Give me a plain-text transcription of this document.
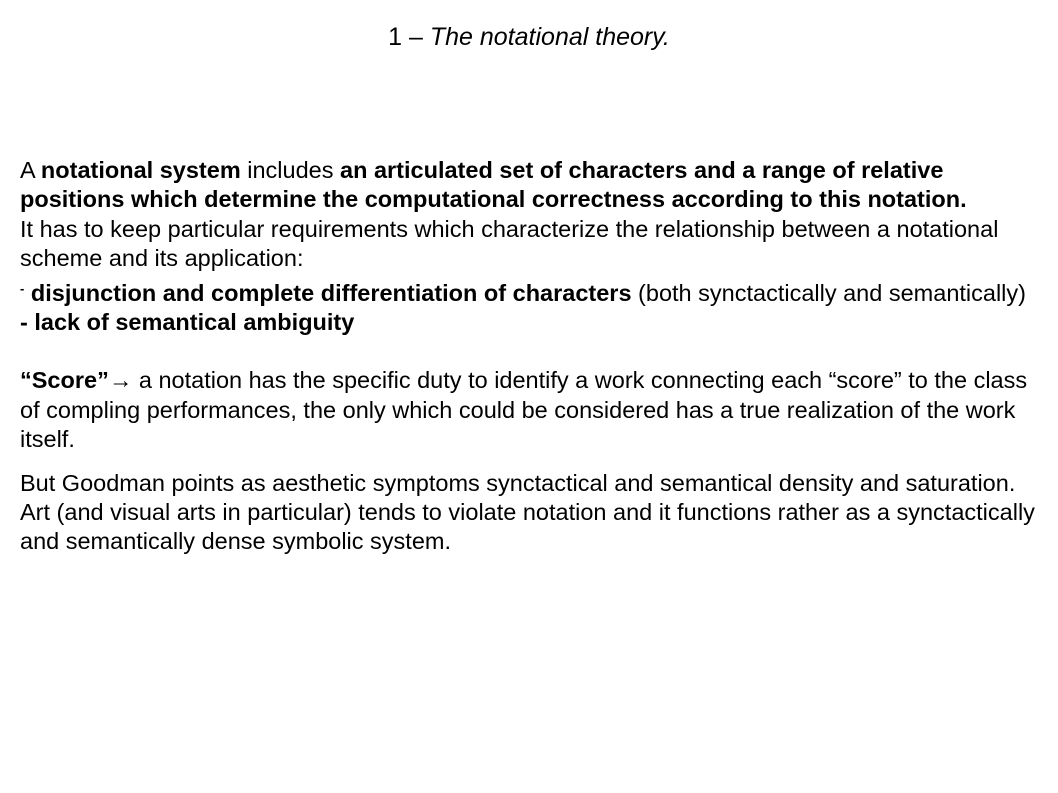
1 – The notational theory.

A notational system includes an articulated set of characters and a range of relative positions which determine the computational correctness according to this notation.

It has to keep particular requirements which characterize the relationship between a notational scheme and its application:

- disjunction and complete differentiation of characters (both synctactically and semantically)

- lack of semantical ambiguity

“Score”→ a notation has the specific duty to identify a work connecting each “score” to the class of compling performances, the only which could be considered has a true realization of the work itself.

But Goodman points as aesthetic symptoms synctactical and semantical density and saturation.

Art (and visual arts in particular) tends to violate notation and it functions rather as a synctactically and semantically dense symbolic system.
